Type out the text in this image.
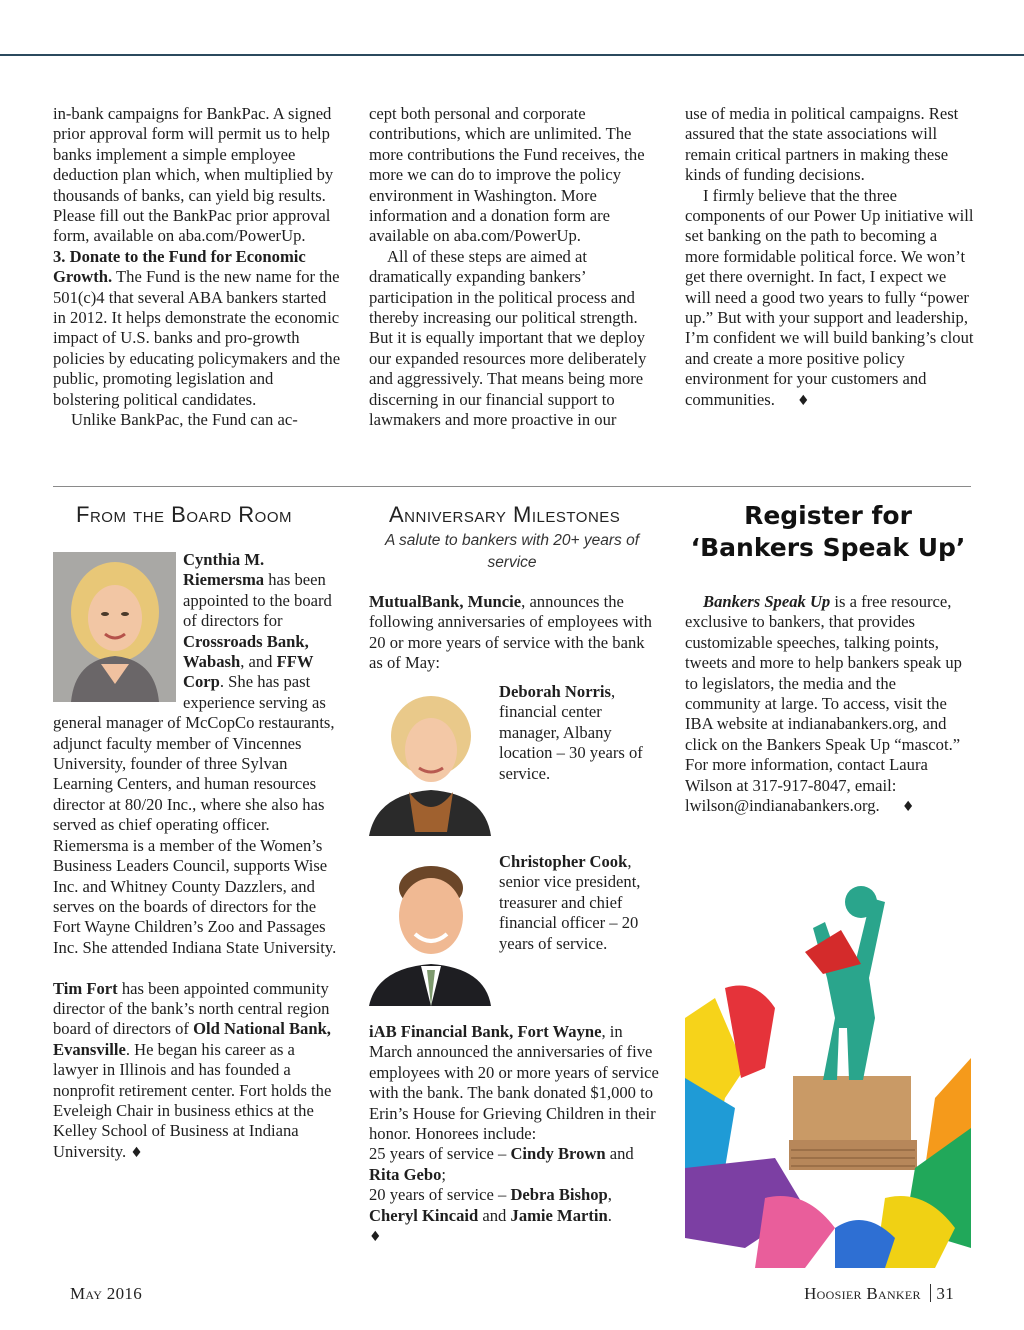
in-bank campaigns for BankPac. A signed prior approval form will permit us to help banks implement a simple employee deduction plan which, when multiplied by thousands of banks, can yield big results. Please fill out the BankPac prior approval form, available on aba.com/PowerUp.

3. Donate to the Fund for Economic Growth. The Fund is the new name for the 501(c)4 that several ABA bankers started in 2012. It helps demonstrate the economic impact of U.S. banks and pro-growth policies by educating policymakers and the public, promoting legislation and bolstering political candidates.

Unlike BankPac, the Fund can ac-

cept both personal and corporate contributions, which are unlimited. The more contributions the Fund receives, the more we can do to improve the policy environment in Washington. More information and a donation form are available on aba.com/PowerUp.

All of these steps are aimed at dramatically expanding bankers’ participation in the political process and thereby increasing our political strength. But it is equally important that we deploy our expanded resources more deliberately and aggressively. That means being more discerning in our financial support to lawmakers and more proactive in our

use of media in political campaigns. Rest assured that the state associations will remain critical partners in making these kinds of funding decisions.

I firmly believe that the three components of our Power Up initiative will set banking on the path to becoming a more formidable political force. We won’t get there overnight. In fact, I expect we will need a good two years to fully “power up.” But with your support and leadership, I’m confident we will build banking’s clout and create a more positive policy environment for your customers and communities. ♦

From the Board Room
Cynthia M. Riemersma has been appointed to the board of directors for Crossroads Bank, Wabash, and FFW Corp. She has past experience serving as general manager of McCopCo restaurants, adjunct faculty member of Vincennes University, founder of three Sylvan Learning Centers, and human resources director at 80/20 Inc., where she also has served as chief operating officer. Riemersma is a member of the Women’s Business Leaders Council, supports Wise Inc. and Whitney County Dazzlers, and serves on the boards of directors for the Fort Wayne Children’s Zoo and Passages Inc. She attended Indiana State University.

Tim Fort has been appointed community director of the bank’s north central region board of directors of Old National Bank, Evansville. He began his career as a lawyer in Illinois and has founded a nonprofit retirement center. Fort holds the Eveleigh Chair in business ethics at the Kelley School of Business at Indiana University. ♦
Anniversary Milestones
A salute to bankers with 20+ years of service
MutualBank, Muncie, announces the following anniversaries of employees with 20 or more years of service with the bank as of May:
Deborah Norris, financial center manager, Albany location – 30 years of service.
Christopher Cook, senior vice president, treasurer and chief financial officer – 20 years of service.
iAB Financial Bank, Fort Wayne, in March announced the anniversaries of five employees with 20 or more years of service with the bank. The bank donated $1,000 to Erin’s House for Grieving Children in their honor. Honorees include:
25 years of service – Cindy Brown and Rita Gebo;
20 years of service – Debra Bishop, Cheryl Kincaid and Jamie Martin.
♦
Register for
‘Bankers Speak Up’
Bankers Speak Up is a free resource, exclusive to bankers, that provides customizable speeches, talking points, tweets and more to help bankers speak up to legislators, the media and the community at large. To access, visit the IBA website at indianabankers.org, and click on the Bankers Speak Up “mascot.” For more information, contact Laura Wilson at 317-917-8047, email: lwilson@indianabankers.org. ♦
May 2016	Hoosier Banker 31
